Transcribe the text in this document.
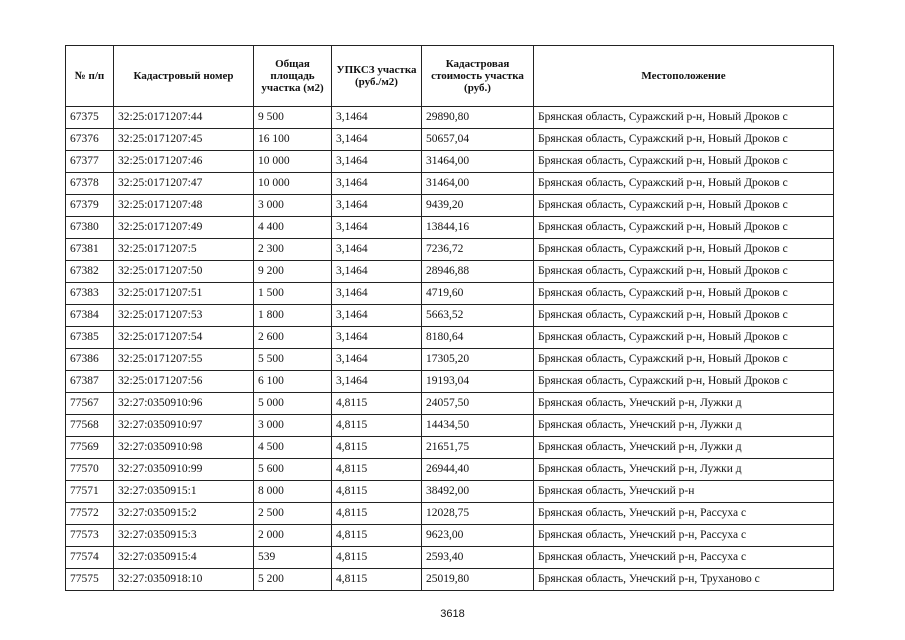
№ п/п	Кадастровый номер	Общая площадь участка (м2)	УПКСЗ участка (руб./м2)	Кадастровая стоимость участка (руб.)	Местоположение
67375	32:25:0171207:44	9 500	3,1464	29890,80	Брянская область, Суражский р-н, Новый Дроков с
67376	32:25:0171207:45	16 100	3,1464	50657,04	Брянская область, Суражский р-н, Новый Дроков с
67377	32:25:0171207:46	10 000	3,1464	31464,00	Брянская область, Суражский р-н, Новый Дроков с
67378	32:25:0171207:47	10 000	3,1464	31464,00	Брянская область, Суражский р-н, Новый Дроков с
67379	32:25:0171207:48	3 000	3,1464	9439,20	Брянская область, Суражский р-н, Новый Дроков с
67380	32:25:0171207:49	4 400	3,1464	13844,16	Брянская область, Суражский р-н, Новый Дроков с
67381	32:25:0171207:5	2 300	3,1464	7236,72	Брянская область, Суражский р-н, Новый Дроков с
67382	32:25:0171207:50	9 200	3,1464	28946,88	Брянская область, Суражский р-н, Новый Дроков с
67383	32:25:0171207:51	1 500	3,1464	4719,60	Брянская область, Суражский р-н, Новый Дроков с
67384	32:25:0171207:53	1 800	3,1464	5663,52	Брянская область, Суражский р-н, Новый Дроков с
67385	32:25:0171207:54	2 600	3,1464	8180,64	Брянская область, Суражский р-н, Новый Дроков с
67386	32:25:0171207:55	5 500	3,1464	17305,20	Брянская область, Суражский р-н, Новый Дроков с
67387	32:25:0171207:56	6 100	3,1464	19193,04	Брянская область, Суражский р-н, Новый Дроков с
77567	32:27:0350910:96	5 000	4,8115	24057,50	Брянская область, Унечский р-н, Лужки д
77568	32:27:0350910:97	3 000	4,8115	14434,50	Брянская область, Унечский р-н, Лужки д
77569	32:27:0350910:98	4 500	4,8115	21651,75	Брянская область, Унечский р-н, Лужки д
77570	32:27:0350910:99	5 600	4,8115	26944,40	Брянская область, Унечский р-н, Лужки д
77571	32:27:0350915:1	8 000	4,8115	38492,00	Брянская область, Унечский р-н
77572	32:27:0350915:2	2 500	4,8115	12028,75	Брянская область, Унечский р-н, Рассуха с
77573	32:27:0350915:3	2 000	4,8115	9623,00	Брянская область, Унечский р-н, Рассуха с
77574	32:27:0350915:4	539	4,8115	2593,40	Брянская область, Унечский р-н, Рассуха с
77575	32:27:0350918:10	5 200	4,8115	25019,80	Брянская область, Унечский р-н, Труханово с
3618
